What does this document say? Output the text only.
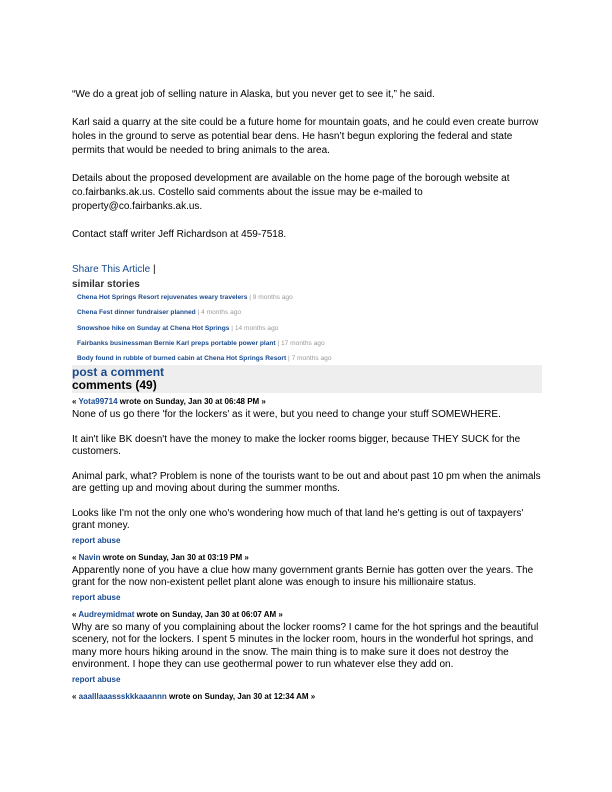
“We do a great job of selling nature in Alaska, but you never get to see it,” he said.

Karl said a quarry at the site could be a future home for mountain goats, and he could even create burrow holes in the ground to serve as potential bear dens. He hasn’t begun exploring the federal and state permits that would be needed to bring animals to the area.

Details about the proposed development are available on the home page of the borough website at co.fairbanks.ak.us. Costello said comments about the issue may be e-mailed to property@co.fairbanks.ak.us.

Contact staff writer Jeff Richardson at 459-7518.

Share This Article |
similar stories
Chena Hot Springs Resort rejuvenates weary travelers | 9 months ago
Chena Fest dinner fundraiser planned | 4 months ago
Snowshoe hike on Sunday at Chena Hot Springs | 14 months ago
Fairbanks businessman Bernie Karl preps portable power plant | 17 months ago
Body found in rubble of burned cabin at Chena Hot Springs Resort | 7 months ago
post a comment
comments (49)
« Yota99714 wrote on Sunday, Jan 30 at 06:48 PM »

None of us go there 'for the lockers' as it were, but you need to change your stuff SOMEWHERE.

It ain't like BK doesn't have the money to make the locker rooms bigger, because THEY SUCK for the customers.

Animal park, what? Problem is none of the tourists want to be out and about past 10 pm when the animals are getting up and moving about during the summer months.

Looks like I'm not the only one who's wondering how much of that land he's getting is out of taxpayers' grant money.

report abuse
« Navin wrote on Sunday, Jan 30 at 03:19 PM »

Apparently none of you have a clue how many government grants Bernie has gotten over the years. The grant for the now non-existent pellet plant alone was enough to insure his millionaire status.

report abuse
« Audreymidmat wrote on Sunday, Jan 30 at 06:07 AM »

Why are so many of you complaining about the locker rooms? I came for the hot springs and the beautiful scenery, not for the lockers. I spent 5 minutes in the locker room, hours in the wonderful hot springs, and many more hours hiking around in the snow. The main thing is to make sure it does not destroy the environment. I hope they can use geothermal power to run whatever else they add on.

report abuse
« aaalllaaassskkkaaannn wrote on Sunday, Jan 30 at 12:34 AM »
